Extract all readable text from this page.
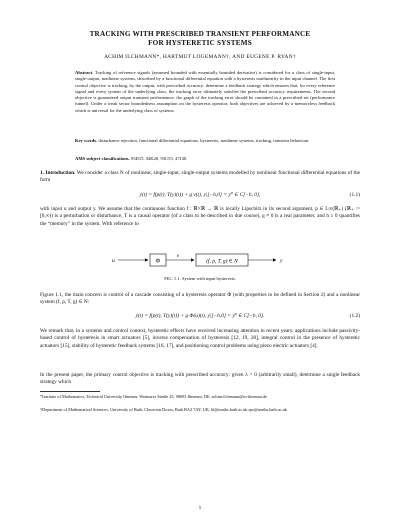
TRACKING WITH PRESCRIBED TRANSIENT PERFORMANCE
FOR HYSTERETIC SYSTEMS
ACHIM ILCHMANN*, HARTMUT LOGEMANN†, AND EUGENE P. RYAN†
Abstract. Tracking of reference signals (assumed bounded with essentially bounded derivative) is considered for a class of single-input, single-output, nonlinear systems, described by a functional differential equation with a hysteresis nonlinearity in the input channel. The first control objective is tracking, by the output, with prescribed accuracy: determine a feedback strategy which ensures that, for every reference signal and every system of the underlying class, the tracking error ultimately satisfies the prescribed accuracy requirements. The second objective is guaranteed output transient performance: the graph of the tracking error should be contained in a prescribed set (performance funnel). Under a weak sector boundedness assumption on the hysteresis operator, both objectives are achieved by a memoryless feedback which is universal for the underlying class of systems.
Key words. disturbance rejection, functional differential equations, hysteresis, nonlinear systems, tracking, transient behaviour.
AMS subject classifications. 93D15, 34K20, 93C55, 47J40.
1. Introduction. We consider a class N of nonlinear, single-input, single-output systems modelled by nonlinear functional differential equations of the form
ẏ(t) = f(p(t), T(y)(t)) + g v(t), y|[−h,0] = y⁰ ∈ C[−h, 0],	(1.1)
with input u and output y. We assume that the continuous function f : ℝ×ℝ → ℝ is locally Lipschitz in its second argument, p ∈ L∞(ℝ₊) (ℝ₊ := [0,∞)) is a perturbation or disturbance, T is a causal operator (of a class to be described in due course), g ≠ 0 is a real parameter, and h ≥ 0 quantifies the “memory” in the system. With reference to
u	Φ
v
(f, p, T, g) ∈ N	y
FIG. 1.1. System with input hysteresis.
Figure 1.1, the main concern is control of a cascade consisting of a hysteresis operator Φ (with properties to be defined in Section 2) and a nonlinear system (f, p, T, g) ∈ N:
ẏ(t) = f(p(t), T(y)(t)) + g Φ(u)(t), y|[−h,0] = y⁰ ∈ C[−h, 0].	(1.2)
We remark that, in a systems and control context, hysteretic effects have received increasing attention in recent years: applications include passivity-based control of hysteresis in smart actuators [5], inverse compensation of hysteresis [12, 19, 20], integral control in the presence of hysteretic actuators [15], stability of hysteretic feedback systems [16, 17], and positioning control problems using piezo electric actuators [4].
In the present paper, the primary control objective is tracking with prescribed accuracy: given λ > 0 (arbitrarily small), determine a single feedback strategy which
*Institute of Mathematics, Technical University Ilmenau, Weimarer Straße 25, 98693 Ilmenau, DE, achim.ilchmann@tu-ilmenau.de
†Department of Mathematical Sciences, University of Bath, Claverton Down, Bath BA2 7AY, UK, hl@maths.bath.ac.uk epr@maths.bath.ac.uk
1
